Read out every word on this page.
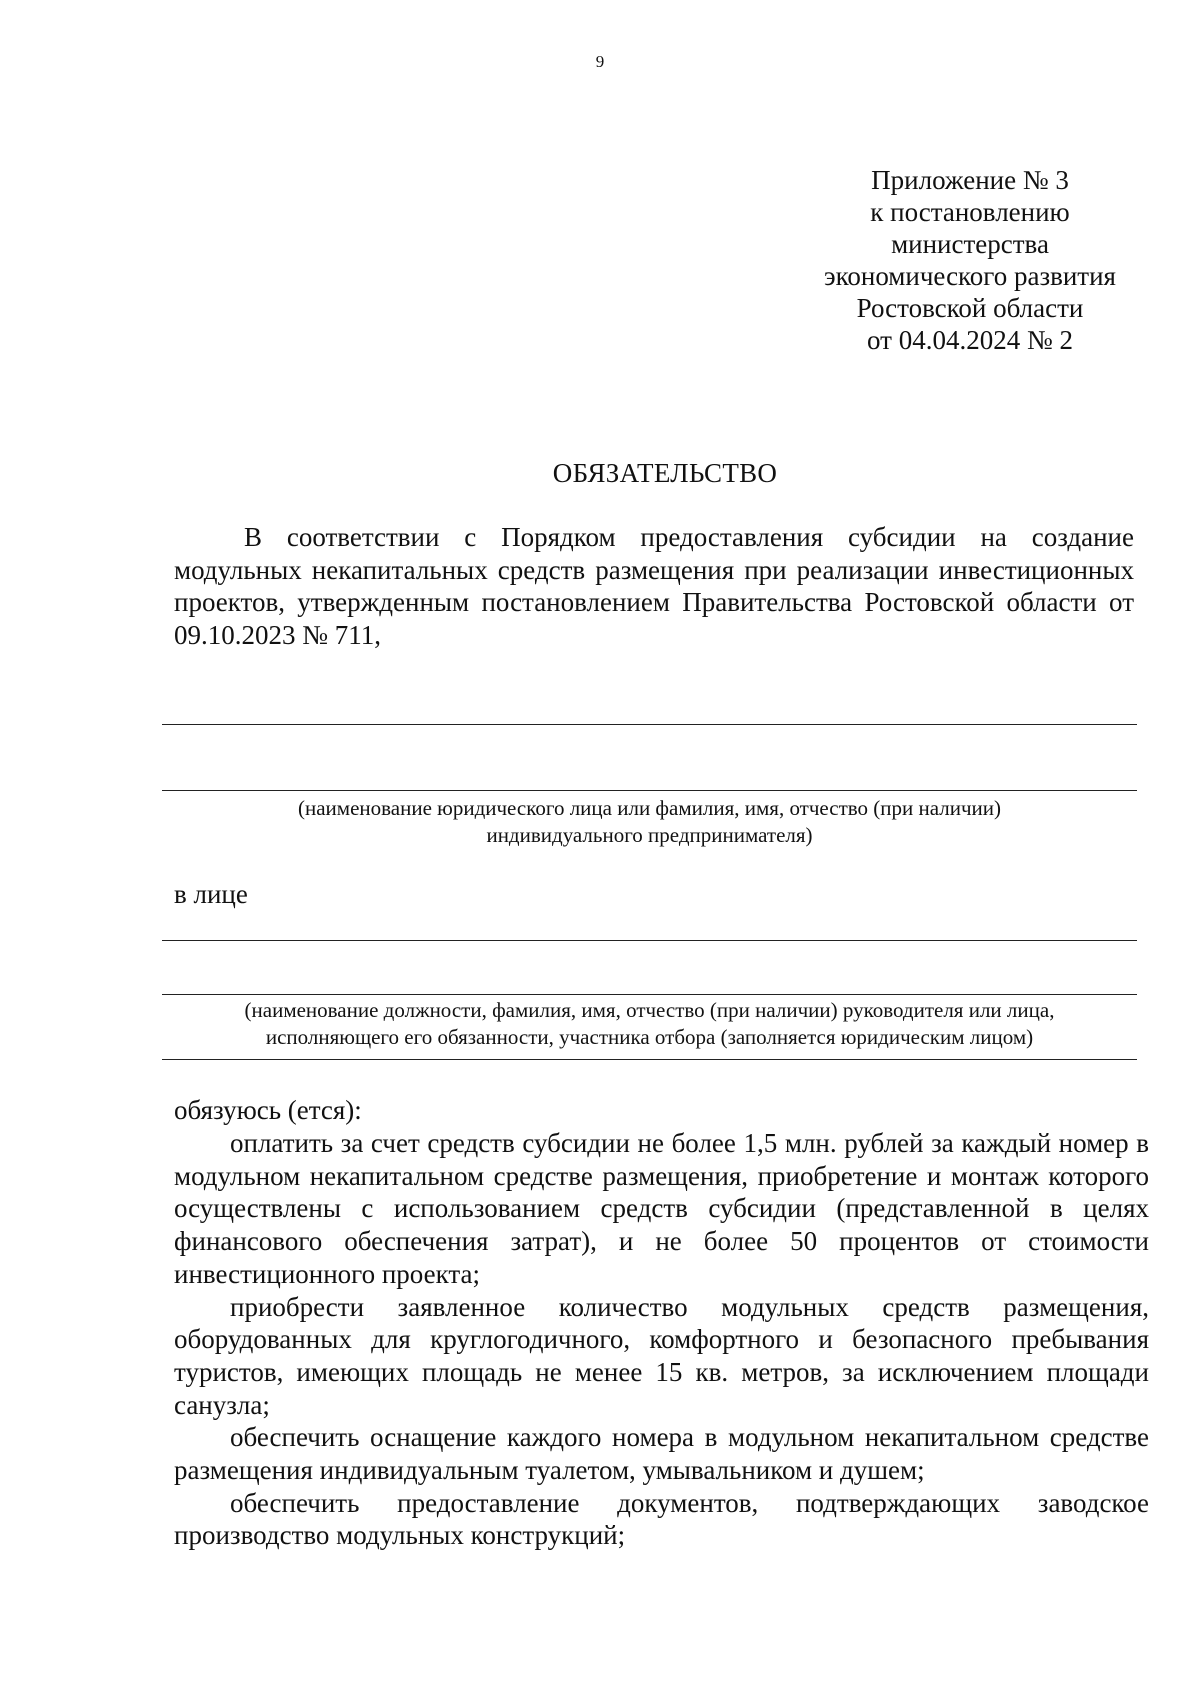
9
Приложение № 3
к постановлению
министерства
экономического развития
Ростовской области
от 04.04.2024 № 2
ОБЯЗАТЕЛЬСТВО

В соответствии с Порядком предоставления субсидии на создание модульных некапитальных средств размещения при реализации инвестиционных проектов, утвержденным постановлением Правительства Ростовской области от 09.10.2023 № 711,

(наименование юридического лица или фамилия, имя, отчество (при наличии)
индивидуального предпринимателя)
в лице
(наименование должности, фамилия, имя, отчество (при наличии) руководителя или лица,
исполняющего его обязанности, участника отбора (заполняется юридическим лицом)
обязуюсь (ется):

оплатить за счет средств субсидии не более 1,5 млн. рублей за каждый номер в модульном некапитальном средстве размещения, приобретение и монтаж которого осуществлены с использованием средств субсидии (представленной в целях финансового обеспечения затрат), и не более 50 процентов от стоимости инвестиционного проекта;

приобрести заявленное количество модульных средств размещения, оборудованных для круглогодичного, комфортного и безопасного пребывания туристов, имеющих площадь не менее 15 кв. метров, за исключением площади санузла;

обеспечить оснащение каждого номера в модульном некапитальном средстве размещения индивидуальным туалетом, умывальником и душем;

обеспечить предоставление документов, подтверждающих заводское производство модульных конструкций;
